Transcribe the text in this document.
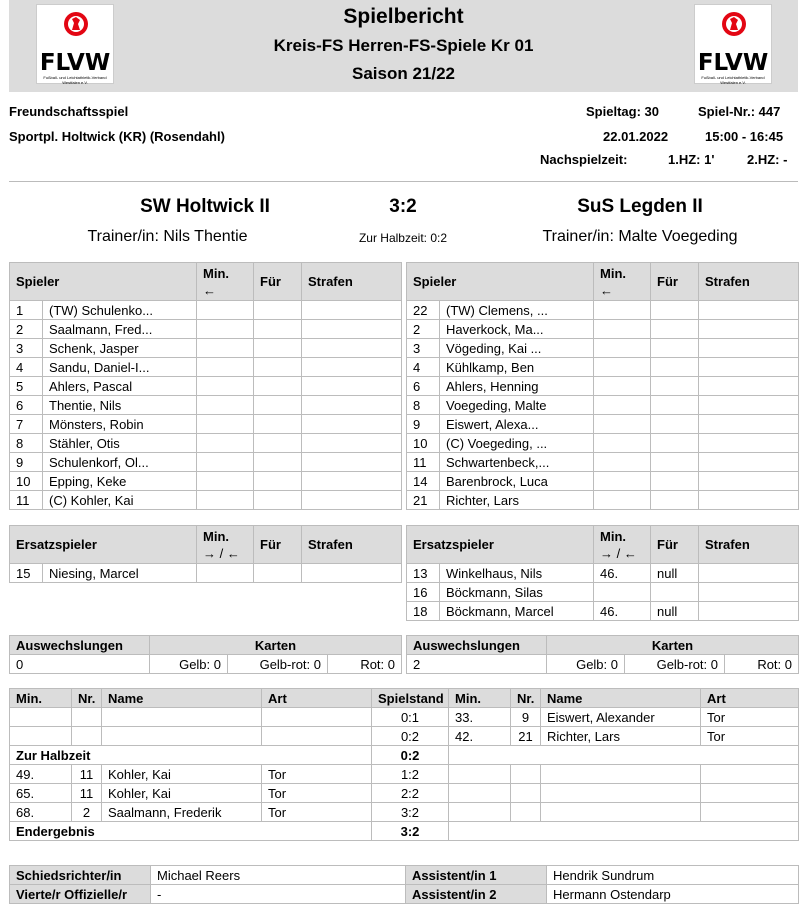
FLVW
Fußball- und Leichtathletik-Verband Westfalen e.V.
Spielbericht
Kreis-FS Herren-FS-Spiele Kr 01
Saison 21/22	FLVW
Fußball- und Leichtathletik-Verband Westfalen e.V.
Freundschaftsspiel
Sportpl. Holtwick (KR) (Rosendahl)
Spieltag: 30	Spiel-Nr.: 447
22.01.2022	15:00 - 16:45
Nachspielzeit:	1.HZ: 1'	2.HZ: -
SW Holtwick II	3:2	SuS Legden II
Trainer/in: Nils Thentie	Zur Halbzeit: 0:2	Trainer/in: Malte Voegeding
Spieler		Min.
←	Für	Strafen
1	(TW) Schulenko...			
2	Saalmann, Fred...			
3	Schenk, Jasper			
4	Sandu, Daniel-I...			
5	Ahlers, Pascal			
6	Thentie, Nils			
7	Mönsters, Robin			
8	Stähler, Otis			
9	Schulenkorf, Ol...			
10	Epping, Keke			
11	(C) Kohler, Kai			
Spieler		Min.
←	Für	Strafen
22	(TW) Clemens, ...			
2	Haverkock, Ma...			
3	Vögeding, Kai ...			
4	Kühlkamp, Ben			
6	Ahlers, Henning			
8	Voegeding, Malte			
9	Eiswert, Alexa...			
10	(C) Voegeding, ...			
11	Schwartenbeck,...			
14	Barenbrock, Luca			
21	Richter, Lars			
Ersatzspieler		Min.
→ / ←	Für	Strafen
15	Niesing, Marcel			
Ersatzspieler		Min.
→ / ←	Für	Strafen
13	Winkelhaus, Nils	46.	null	
16	Böckmann, Silas			
18	Böckmann, Marcel	46.	null	
Auswechslungen	Karten		
0	Gelb: 0	Gelb-rot: 0	Rot: 0
Auswechslungen	Karten		
2	Gelb: 0	Gelb-rot: 0	Rot: 0
Min.	Nr.	Name	Art	Spielstand	Min.	Nr.	Name	Art
				0:1	33.	9	Eiswert, Alexander	Tor
				0:2	42.	21	Richter, Lars	Tor
Zur Halbzeit				0:2				
49.	11	Kohler, Kai	Tor	1:2				
65.	11	Kohler, Kai	Tor	2:2				
68.	2	Saalmann, Frederik	Tor	3:2				
Endergebnis				3:2				
Schiedsrichter/in	Michael Reers	Assistent/in 1	Hendrik Sundrum
Vierte/r Offizielle/r	-	Assistent/in 2	Hermann Ostendarp
